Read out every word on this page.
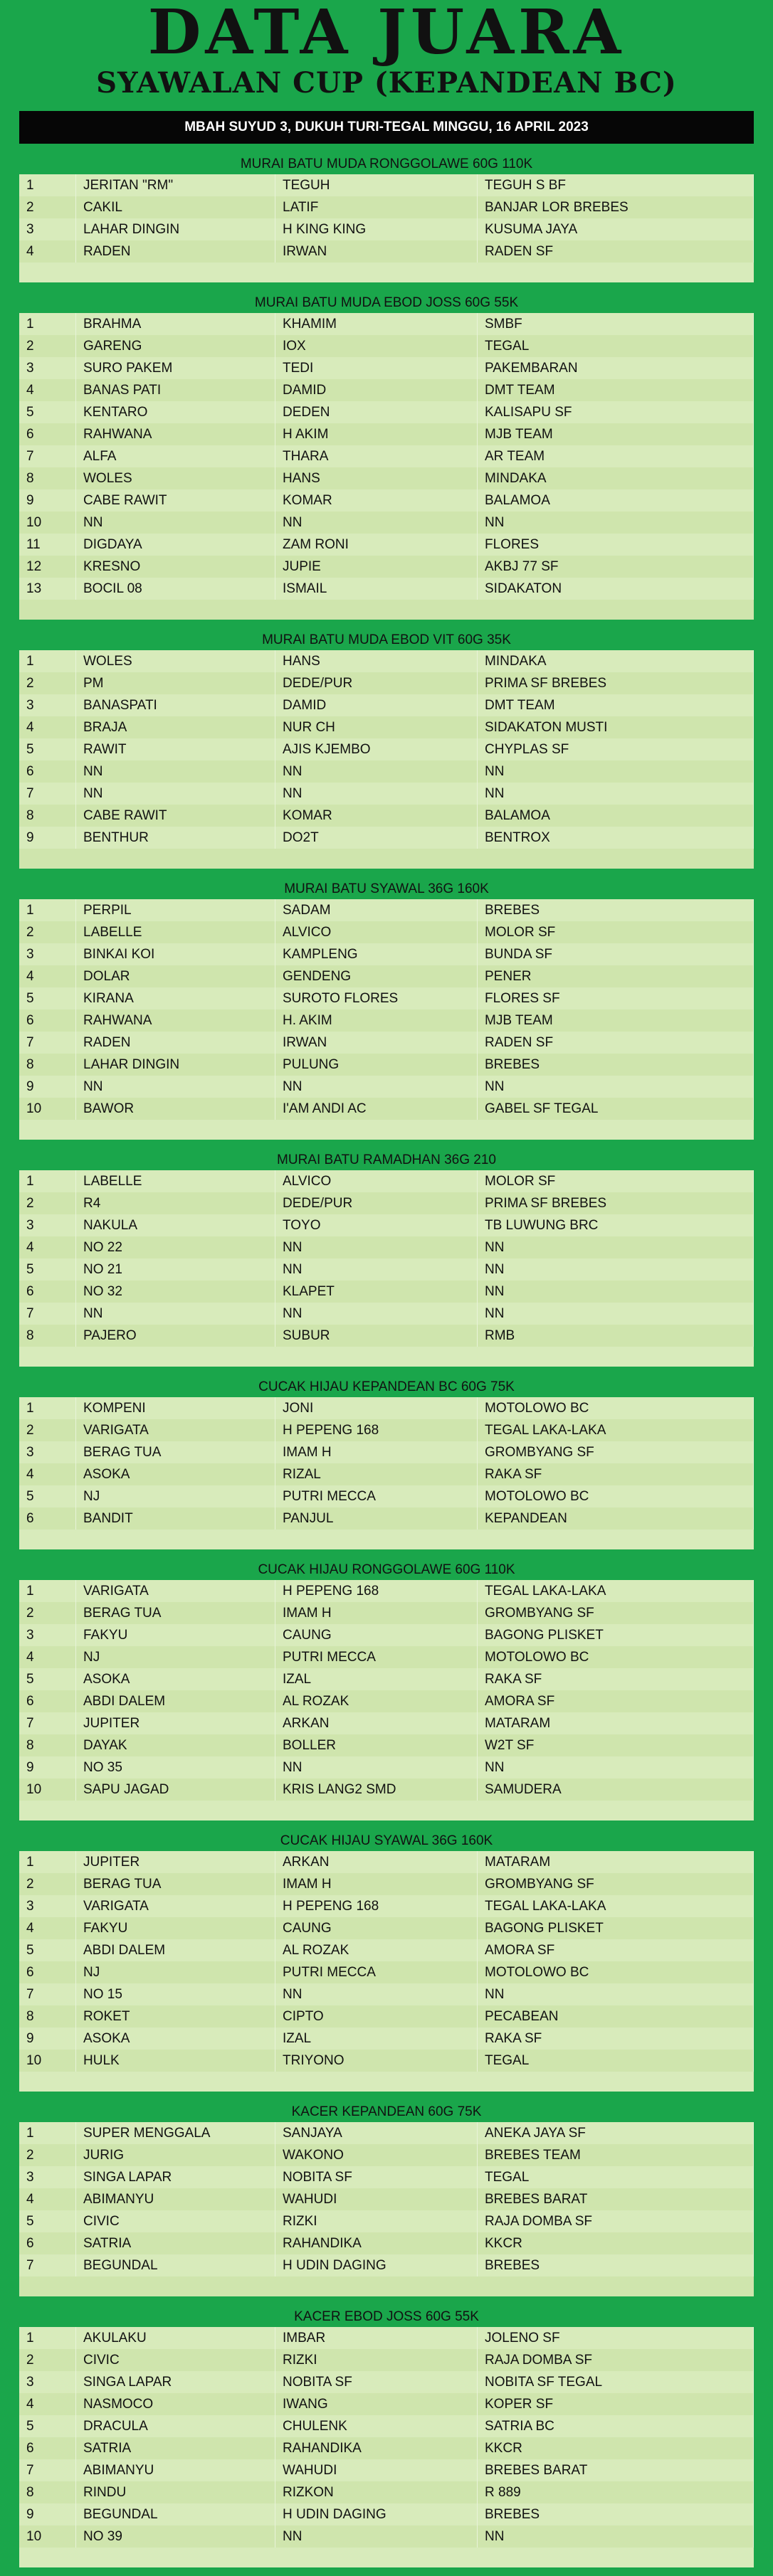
DATA JUARA
SYAWALAN CUP (KEPANDEAN BC)
MBAH SUYUD 3, DUKUH TURI-TEGAL MINGGU, 16 APRIL 2023
MURAI BATU MUDA RONGGOLAWE 60G 110K
1	JERITAN "RM"	TEGUH	TEGUH S BF
2	CAKIL	LATIF	BANJAR LOR BREBES
3	LAHAR DINGIN	H KING KING	KUSUMA JAYA
4	RADEN	IRWAN	RADEN SF
MURAI BATU MUDA EBOD JOSS 60G 55K
1	BRAHMA	KHAMIM	SMBF
2	GARENG	IOX	TEGAL
3	SURO PAKEM	TEDI	PAKEMBARAN
4	BANAS PATI	DAMID	DMT TEAM
5	KENTARO	DEDEN	KALISAPU SF
6	RAHWANA	H AKIM	MJB TEAM
7	ALFA	THARA	AR TEAM
8	WOLES	HANS	MINDAKA
9	CABE RAWIT	KOMAR	BALAMOA
10	NN	NN	NN
11	DIGDAYA	ZAM RONI	FLORES
12	KRESNO	JUPIE	AKBJ 77 SF
13	BOCIL 08	ISMAIL	SIDAKATON
MURAI BATU MUDA EBOD VIT 60G 35K
1	WOLES	HANS	MINDAKA
2	PM	DEDE/PUR	PRIMA SF BREBES
3	BANASPATI	DAMID	DMT TEAM
4	BRAJA	NUR CH	SIDAKATON MUSTI
5	RAWIT	AJIS KJEMBO	CHYPLAS SF
6	NN	NN	NN
7	NN	NN	NN
8	CABE RAWIT	KOMAR	BALAMOA
9	BENTHUR	DO2T	BENTROX
MURAI BATU SYAWAL 36G 160K
1	PERPIL	SADAM	BREBES
2	LABELLE	ALVICO	MOLOR SF
3	BINKAI KOI	KAMPLENG	BUNDA SF
4	DOLAR	GENDENG	PENER
5	KIRANA	SUROTO FLORES	FLORES SF
6	RAHWANA	H. AKIM	MJB TEAM
7	RADEN	IRWAN	RADEN SF
8	LAHAR DINGIN	PULUNG	BREBES
9	NN	NN	NN
10	BAWOR	I'AM ANDI AC	GABEL SF TEGAL
MURAI BATU RAMADHAN 36G 210
1	LABELLE	ALVICO	MOLOR SF
2	R4	DEDE/PUR	PRIMA SF BREBES
3	NAKULA	TOYO	TB LUWUNG BRC
4	NO 22	NN	NN
5	NO 21	NN	NN
6	NO 32	KLAPET	NN
7	NN	NN	NN
8	PAJERO	SUBUR	RMB
CUCAK HIJAU KEPANDEAN BC 60G 75K
1	KOMPENI	JONI	MOTOLOWO BC
2	VARIGATA	H PEPENG 168	TEGAL LAKA-LAKA
3	BERAG TUA	IMAM H	GROMBYANG SF
4	ASOKA	RIZAL	RAKA SF
5	NJ	PUTRI MECCA	MOTOLOWO BC
6	BANDIT	PANJUL	KEPANDEAN
CUCAK HIJAU RONGGOLAWE 60G 110K
1	VARIGATA	H PEPENG 168	TEGAL LAKA-LAKA
2	BERAG TUA	IMAM H	GROMBYANG SF
3	FAKYU	CAUNG	BAGONG PLISKET
4	NJ	PUTRI MECCA	MOTOLOWO BC
5	ASOKA	IZAL	RAKA SF
6	ABDI DALEM	AL ROZAK	AMORA SF
7	JUPITER	ARKAN	MATARAM
8	DAYAK	BOLLER	W2T SF
9	NO 35	NN	NN
10	SAPU JAGAD	KRIS LANG2 SMD	SAMUDERA
CUCAK HIJAU SYAWAL 36G 160K
1	JUPITER	ARKAN	MATARAM
2	BERAG TUA	IMAM H	GROMBYANG SF
3	VARIGATA	H PEPENG 168	TEGAL LAKA-LAKA
4	FAKYU	CAUNG	BAGONG PLISKET
5	ABDI DALEM	AL ROZAK	AMORA SF
6	NJ	PUTRI MECCA	MOTOLOWO BC
7	NO 15	NN	NN
8	ROKET	CIPTO	PECABEAN
9	ASOKA	IZAL	RAKA SF
10	HULK	TRIYONO	TEGAL
KACER KEPANDEAN 60G 75K
1	SUPER MENGGALA	SANJAYA	ANEKA JAYA SF
2	JURIG	WAKONO	BREBES TEAM
3	SINGA LAPAR	NOBITA SF	TEGAL
4	ABIMANYU	WAHUDI	BREBES BARAT
5	CIVIC	RIZKI	RAJA DOMBA SF
6	SATRIA	RAHANDIKA	KKCR
7	BEGUNDAL	H UDIN DAGING	BREBES
KACER EBOD JOSS 60G 55K
1	AKULAKU	IMBAR	JOLENO SF
2	CIVIC	RIZKI	RAJA DOMBA SF
3	SINGA LAPAR	NOBITA SF	NOBITA SF TEGAL
4	NASMOCO	IWANG	KOPER SF
5	DRACULA	CHULENK	SATRIA BC
6	SATRIA	RAHANDIKA	KKCR
7	ABIMANYU	WAHUDI	BREBES BARAT
8	RINDU	RIZKON	R 889
9	BEGUNDAL	H UDIN DAGING	BREBES
10	NO 39	NN	NN
